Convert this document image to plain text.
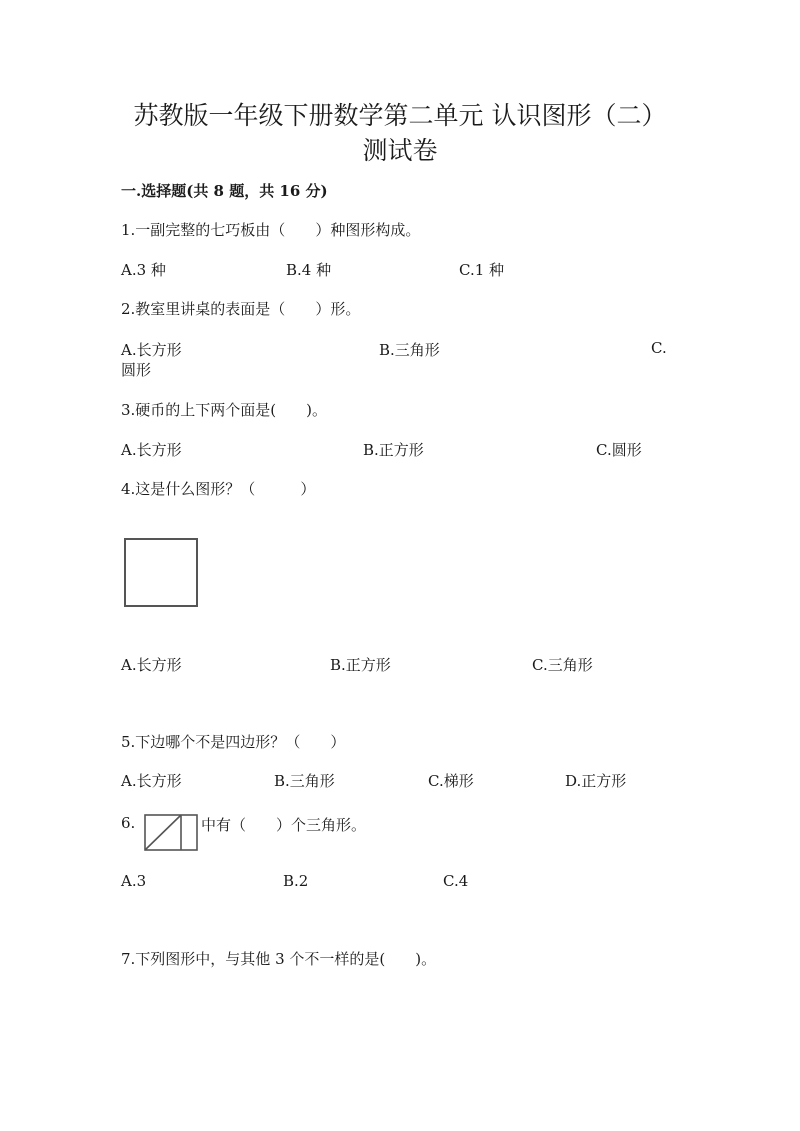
苏教版一年级下册数学第二单元 认识图形（二）
测试卷
一.选择题(共 8 题，共 16 分)
1.一副完整的七巧板由（　　）种图形构成。
A.3 种	B.4 种	C.1 种
2.教室里讲桌的表面是（　　）形。
A.长方形	B.三角形	C.
圆形
3.硬币的上下两个面是(　　)。
A.长方形	B.正方形	C.圆形
4.这是什么图形？（　　　）
A.长方形	B.正方形	C.三角形
5.下边哪个不是四边形？（　　）
A.长方形	B.三角形	C.梯形	D.正方形
6.	中有（　　）个三角形。
A.3	B.2	C.4
7.下列图形中，与其他 3 个不一样的是(　　)。
